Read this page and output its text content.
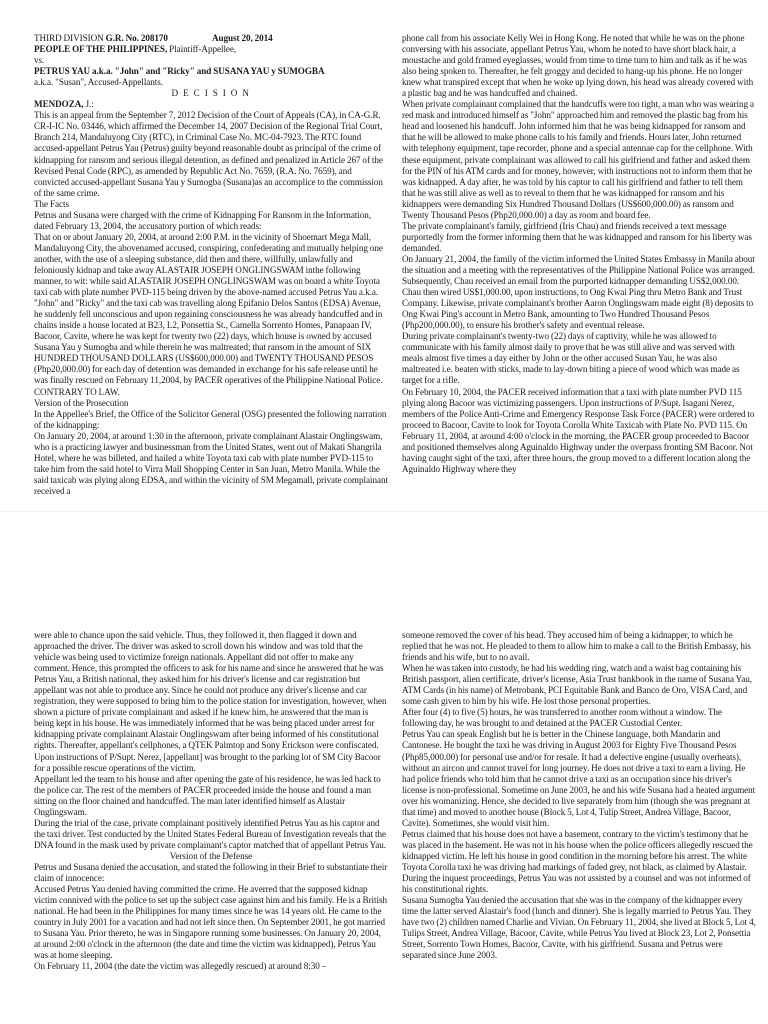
THIRD DIVISION G.R. No. 208170	August 20, 2014

PEOPLE OF THE PHILIPPINES, Plaintiff-Appellee,

vs.

PETRUS YAU a.k.a. "John" and "Ricky" and SUSANA YAU y SUMOGBA

a.k.a. "Susan", Accused-Appellants.

D E C I S I O N

MENDOZA, J.:

This is an appeal from the September 7, 2012 Decision of the Court of Appeals (CA), in CA-G.R. CR-I-IC No. 03446, which affirmed the December 14, 2007 Decision of the Regional Trial Court, Branch 214, Mandaluyong City (RTC), in Criminal Case No. MC-04-7923. The RTC found accused-appellant Petrus Yau (Petrus) guilty beyond reasonable doubt as principal of the crime of kidnapping for ransom and serious illegal detention, as defined and penalized in Article 267 of the Revised Penal Code (RPC), as amended by Republic Act No. 7659, (R.A. No. 7659), and convicted accused-appellant Susana Yau y Sumogba (Susana)as an accomplice to the commission of the same crime.

The Facts

Petrus and Susana were charged with the crime of Kidnapping For Ransom in the Information, dated February 13, 2004, the accusatory portion of which reads:

That on or about January 20, 2004, at around 2:00 P.M. in the vicinity of Shoemart Mega Mall, Mandaluyong City, the abovenamed accused, conspiring, confederating and mutually helping one another, with the use of a sleeping substance, did then and there, willfully, unlawfully and feloniously kidnap and take away ALASTAIR JOSEPH ONGLINGSWAM inthe following manner, to wit: while said ALASTAIR JOSEPH ONGLINGSWAM was on board a white Toyota taxi cab with plate number PVD-115 being driven by the above-named accused Petrus Yau a.k.a. "John" and "Ricky" and the taxi cab was travelling along Epifanio Delos Santos (EDSA) Avenue, he suddenly fell unconscious and upon regaining consciousness he was already handcuffed and in chains inside a house located at B23, L2, Ponsettia St., Camella Sorrento Homes, Panapaan IV, Bacoor, Cavite, where he was kept for twenty two (22) days, which house is owned by accused Susana Yau y Sumogba and while therein he was maltreated; that ransom in the amount of SIX HUNDRED THOUSAND DOLLARS (US$600,000.00) and TWENTY THOUSAND PESOS (Php20,000.00) for each day of detention was demanded in exchange for his safe release until he was finally rescued on February 11,2004, by PACER operatives of the Philippine National Police.

CONTRARY TO LAW.

Version of the Prosecution

In the Appellee's Brief, the Office of the Solicitor General (OSG) presented the following narration of the kidnapping:

On January 20, 2004, at around 1:30 in the afternoon, private complainant Alastair Onglingswam, who is a practicing lawyer and businessman from the United States, went out of Makati Shangrila Hotel, where he was billeted, and hailed a white Toyota taxi cab with plate number PVD-115 to take him from the said hotel to Virra Mall Shopping Center in San Juan, Metro Manila. While the said taxicab was plying along EDSA, and within the vicinity of SM Megamall, private complainant received a

phone call from his associate Kelly Wei in Hong Kong. He noted that while he was on the phone conversing with his associate, appellant Petrus Yau, whom he noted to have short black hair, a moustache and gold framed eyeglasses, would from time to time turn to him and talk as if he was also being spoken to. Thereafter, he felt groggy and decided to hang-up his phone. He no longer knew what transpired except that when he woke up lying down, his head was already covered with a plastic bag and he was handcuffed and chained.

When private complainant complained that the handcuffs were too tight, a man who was wearing a red mask and introduced himself as "John" approached him and removed the plastic bag from his head and loosened his handcuff. John informed him that he was being kidnapped for ransom and that he will be allowed to make phone calls to his family and friends. Hours later, John returned with telephony equipment, tape recorder, phone and a special antennae cap for the cellphone. With these equipment, private complainant was allowed to call his girlfriend and father and asked them for the PIN of his ATM cards and for money, however, with instructions not to inform them that he was kidnapped. A day after, he was told by his captor to call his girlfriend and father to tell them that he was still alive as well as to reveal to them that he was kidnapped for ransom and his kidnappers were demanding Six Hundred Thousand Dollars (US$600,000.00) as ransom and Twenty Thousand Pesos (Php20,000.00) a day as room and board fee.

The private complainant's family, girlfriend (Iris Chau) and friends received a text message purportedly from the former informing them that he was kidnapped and ransom for his liberty was demanded.

On January 21, 2004, the family of the victim informed the United States Embassy in Manila about the situation and a meeting with the representatives of the Philippine National Police was arranged.

Subsequently, Chau received an email from the purported kidnapper demanding US$2,000.00. Chau then wired US$1,000.00, upon instructions, to Ong Kwai Ping thru Metro Bank and Trust Company. Likewise, private complainant's brother Aaron Onglingswam made eight (8) deposits to Ong Kwai Ping's account in Metro Bank, amounting to Two Hundred Thousand Pesos (Php200,000.00), to ensure his brother's safety and eventual release.

During private complainant's twenty-two (22) days of captivity, while he was allowed to communicate with his family almost daily to prove that he was still alive and was served with meals almost five times a day either by John or the other accused Susan Yau, he was also maltreated i.e. beaten with sticks, made to lay-down biting a piece of wood which was made as target for a rifle.

On February 10, 2004, the PACER received information that a taxi with plate number PVD 115 plying along Bacoor was victimizing passengers. Upon instructions of P/Supt. Isagani Nerez, members of the Police Anti-Crime and Emergency Response Task Force (PACER) were ordered to proceed to Bacoor, Cavite to look for Toyota Corolla White Taxicab with Plate No. PVD 115. On February 11, 2004, at around 4:00 o'clock in the morning, the PACER group proceeded to Bacoor and positioned themselves along Aguinaldo Highway under the overpass fronting SM Bacoor. Not having caught sight of the taxi, after three hours, the group moved to a different location along the Aguinaldo Highway where they

were able to chance upon the said vehicle. Thus, they followed it, then flagged it down and approached the driver. The driver was asked to scroll down his window and was told that the vehicle was being used to victimize foreign nationals. Appellant did not offer to make any comment. Hence, this prompted the officers to ask for his name and since he answered that he was Petrus Yau, a British national, they asked him for his driver's license and car registration but appellant was not able to produce any. Since he could not produce any driver's license and car registration, they were supposed to bring him to the police station for investigation, however, when shown a picture of private complainant and asked if he knew him, he answered that the man is being kept in his house. He was immediately informed that he was being placed under arrest for kidnapping private complainant Alastair Onglingswam after being informed of his constitutional rights. Thereafter, appellant's cellphones, a QTEK Palmtop and Sony Erickson were confiscated. Upon instructions of P/Supt. Nerez, [appellant] was brought to the parking lot of SM City Bacoor for a possible rescue operations of the victim.

Appellant led the team to his house and after opening the gate of his residence, he was led back to the police car. The rest of the members of PACER proceeded inside the house and found a man sitting on the floor chained and handcuffed. The man later identified himself as Alastair Onglingswam.

During the trial of the case, private complainant positively identified Petrus Yau as his captor and the taxi driver. Test conducted by the United States Federal Bureau of Investigation reveals that the DNA found in the mask used by private complainant's captor matched that of appellant Petrus Yau.

Version of the Defense

Petrus and Susana denied the accusation, and stated the following in their Brief to substantiate their claim of innocence:

Accused Petrus Yau denied having committed the crime. He averred that the supposed kidnap victim connived with the police to set up the subject case against him and his family. He is a British national. He had been in the Philippines for many times since he was 14 years old. He came to the country in July 2001 for a vacation and had not left since then. On September 2001, he got married to Susana Yau. Prior thereto, he was in Singapore running some businesses. On January 20, 2004, at around 2:00 o'clock in the afternoon (the date and time the victim was kidnapped), Petrus Yau was at home sleeping.

On February 11, 2004 (the date the victim was allegedly rescued) at around 8:30 –

someone removed the cover of his head. They accused him of being a kidnapper, to which he replied that he was not. He pleaded to them to allow him to make a call to the British Embassy, his friends and his wife, but to no avail.

When he was taken into custody, he had his wedding ring, watch and a waist bag containing his British passport, alien certificate, driver's license, Asia Trust bankbook in the name of Susana Yau, ATM Cards (in his name) of Metrobank, PCI Equitable Bank and Banco de Oro, VISA Card, and some cash given to him by his wife. He lost those personal properties.

After four (4) to five (5) hours, he was transferred to another room without a window. The following day, he was brought to and detained at the PACER Custodial Center.

Petrus Yau can speak English but he is better in the Chinese language, both Mandarin and Cantonese. He bought the taxi he was driving in August 2003 for Eighty Five Thousand Pesos (Php85,000.00) for personal use and/or for resale. It had a defective engine (usually overheats), without an aircon and cannot travel for long journey. He does not drive a taxi to earn a living. He had police friends who told him that he cannot drive a taxi as an occupation since his driver's license is non-professional. Sometime on June 2003, he and his wife Susana had a heated argument over his womanizing. Hence, she decided to live separately from him (though she was pregnant at that time) and moved to another house (Block 5, Lot 4, Tulip Street, Andrea Village, Bacoor, Cavite). Sometimes, she would visit him.

Petrus claimed that his house does not have a basement, contrary to the victim's testimony that he was placed in the basement. He was not in his house when the police officers allegedly rescued the kidnapped victim. He left his house in good condition in the morning before his arrest. The white Toyota Corolla taxi he was driving had markings of faded grey, not black, as claimed by Alastair.

During the inquest proceedings, Petrus Yau was not assisted by a counsel and was not informed of his constitutional rights.

Susana Sumogba Yau denied the accusation that she was in the company of the kidnapper every time the latter served Alastair's food (lunch and dinner). She is legally married to Petrus Yau. They have two (2) children named Charlie and Vivian. On February 11, 2004, she lived at Block 5, Lot 4, Tulips Street, Andrea Village, Bacoor, Cavite, while Petrus Yau lived at Block 23, Lot 2, Ponsettia Street, Sorrento Town Homes, Bacoor, Cavite, with his girlfriend. Susana and Petrus were separated since June 2003.
